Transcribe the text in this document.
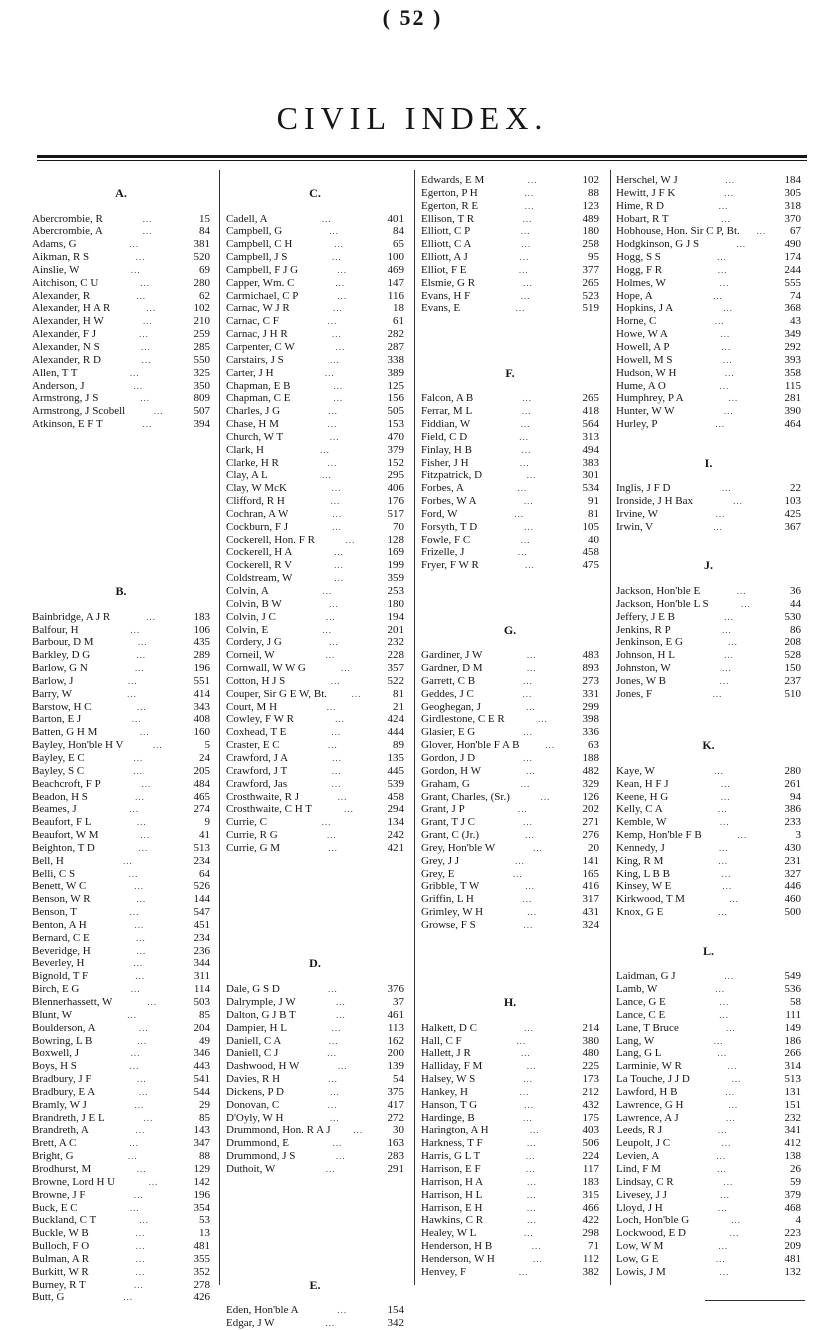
( 52 )
CIVIL INDEX.
A.
Abercrombie, R	...	15
Abercrombie, A	...	84
Adams, G	...	381
Aikman, R S	...	520
Ainslie, W	...	69
Aitchison, C U	...	280
Alexander, R	...	62
Alexander, H A R	...	102
Alexander, H W	...	210
Alexander, F J	...	259
Alexander, N S	...	285
Alexander, R D	...	550
Allen, T T	...	325
Anderson, J	...	350
Armstrong, J S	...	809
Armstrong, J Scobell	...	507
Atkinson, E F T	...	394
B.
Bainbridge, A J R	...	183
Balfour, H	...	106
Barbour, D M	...	435
Barkley, D G	...	289
Barlow, G N	...	196
Barlow, J	...	551
Barry, W	...	414
Barstow, H C	...	343
Barton, E J	...	408
Batten, G H M	...	160
Bayley, Hon'ble H V	...	5
Bayley, E C	...	24
Bayley, S C	...	205
Beachcroft, F P	...	484
Beadon, H S	...	465
Beames, J	...	274
Beaufort, F L	...	9
Beaufort, W M	...	41
Beighton, T D	...	513
Bell, H	...	234
Belli, C S	...	64
Benett, W C	...	526
Benson, W R	...	144
Benson, T	...	547
Benton, A H	...	451
Bernard, C E	...	234
Beveridge, H	...	236
Beverley, H	...	344
Bignold, T F	...	311
Birch, E G	...	114
Blennerhassett, W	...	503
Blunt, W	...	85
Boulderson, A	...	204
Bowring, L B	...	49
Boxwell, J	...	346
Boys, H S	...	443
Bradbury, J F	...	541
Bradbury, E A	...	544
Bramly, W J	...	29
Brandreth, J E L	...	85
Brandreth, A	...	143
Brett, A C	...	347
Bright, G	...	88
Brodhurst, M	...	129
Browne, Lord H U	...	142
Browne, J F	...	196
Buck, E C	...	354
Buckland, C T	...	53
Buckle, W B	...	13
Bulloch, F O	...	481
Bulman, A R	...	355
Burkitt, W R	...	352
Burney, R T	...	278
Butt, G	...	426
C.
Cadell, A	...	401
Campbell, G	...	84
Campbell, C H	...	65
Campbell, J S	...	100
Campbell, F J G	...	469
Capper, Wm. C	...	147
Carmichael, C P	...	116
Carnac, W J R	...	18
Carnac, C F	...	61
Carnac, J H R	...	282
Carpenter, C W	...	287
Carstairs, J S	...	338
Carter, J H	...	389
Chapman, E B	...	125
Chapman, C E	...	156
Charles, J G	...	505
Chase, H M	...	153
Church, W T	...	470
Clark, H	...	379
Clarke, H R	...	152
Clay, A L	...	295
Clay, W McK	...	406
Clifford, R H	...	176
Cochran, A W	...	517
Cockburn, F J	...	70
Cockerell, Hon. F R	...	128
Cockerell, H A	...	169
Cockerell, R V	...	199
Coldstream, W	...	359
Colvin, A	...	253
Colvin, B W	...	180
Colvin, J C	...	194
Colvin, E	...	201
Cordery, J G	...	232
Corneil, W	...	228
Cornwall, W W G	...	357
Cotton, H J S	...	522
Couper, Sir G E W, Bt.	...	81
Court, M H	...	21
Cowley, F W R	...	424
Coxhead, T E	...	444
Craster, E C	...	89
Crawford, J A	...	135
Crawford, J T	...	445
Crawford, Jas	...	539
Crosthwaite, R J	...	458
Crosthwaite, C H T	...	294
Currie, C	...	134
Currie, R G	...	242
Currie, G M	...	421
D.
Dale, G S D	...	376
Dalrymple, J W	...	37
Dalton, G J B T	...	461
Dampier, H L	...	113
Daniell, C A	...	162
Daniell, C J	...	200
Dashwood, H W	...	139
Davies, R H	...	54
Dickens, P D	...	375
Donovan, C	...	417
D'Oyly, W H	...	272
Drummond, Hon. R A J	...	30
Drummond, E	...	163
Drummond, J S	...	283
Duthoit, W	...	291
E.
Eden, Hon'ble A	...	154
Edgar, J W	...	342
Edwards, E M	...	102
Egerton, P H	...	88
Egerton, R E	...	123
Ellison, T R	...	489
Elliott, C P	...	180
Elliott, C A	...	258
Elliott, A J	...	95
Elliot, F E	...	377
Elsmie, G R	...	265
Evans, H F	...	523
Evans, E	...	519
F.
Falcon, A B	...	265
Ferrar, M L	...	418
Fiddian, W	...	564
Field, C D	...	313
Finlay, H B	...	494
Fisher, J H	...	383
Fitzpatrick, D	...	301
Forbes, A	...	534
Forbes, W A	...	91
Ford, W	...	81
Forsyth, T D	...	105
Fowle, F C	...	40
Frizelle, J	...	458
Fryer, F W R	...	475
G.
Gardiner, J W	...	483
Gardner, D M	...	893
Garrett, C B	...	273
Geddes, J C	...	331
Geoghegan, J	...	299
Girdlestone, C E R	...	398
Glasier, E G	...	336
Glover, Hon'ble F A B	...	63
Gordon, J D	...	188
Gordon, H W	...	482
Graham, G	...	329
Grant, Charles, (Sr.)	...	126
Grant, J P	...	202
Grant, T J C	...	271
Grant, C (Jr.)	...	276
Grey, Hon'ble W	...	20
Grey, J J	...	141
Grey, E	...	165
Gribble, T W	...	416
Griffin, L H	...	317
Grimley, W H	...	431
Growse, F S	...	324
H.
Halkett, D C	...	214
Hall, C F	...	380
Hallett, J R	...	480
Halliday, F M	...	225
Halsey, W S	...	173
Hankey, H	...	212
Hanson, T G	...	432
Hardinge, B	...	175
Harington, A H	...	403
Harkness, T F	...	506
Harris, G L T	...	224
Harrison, E F	...	117
Harrison, H A	...	183
Harrison, H L	...	315
Harrison, E H	...	466
Hawkins, C R	...	422
Healey, W L	...	298
Henderson, H B	...	71
Henderson, W H	...	112
Henvey, F	...	382
Herschel, W J	...	184
Hewitt, J F K	...	305
Hime, R D	...	318
Hobart, R T	...	370
Hobhouse, Hon. Sir C P, Bt.	...	67
Hodgkinson, G J S	...	490
Hogg, S S	...	174
Hogg, F R	...	244
Holmes, W	...	555
Hope, A	...	74
Hopkins, J A	...	368
Horne, C	...	43
Howe, W A	...	349
Howell, A P	...	292
Howell, M S	...	393
Hudson, W H	...	358
Hume, A O	...	115
Humphrey, P A	...	281
Hunter, W W	...	390
Hurley, P	...	464
I.
Inglis, J F D	...	22
Ironside, J H Bax	...	103
Irvine, W	...	425
Irwin, V	...	367
J.
Jackson, Hon'ble E	...	36
Jackson, Hon'ble L S	...	44
Jeffery, J E B	...	530
Jenkins, R P	...	86
Jenkinson, E G	...	208
Johnson, H L	...	528
Johnston, W	...	150
Jones, W B	...	237
Jones, F	...	510
K.
Kaye, W	...	280
Kean, H F J	...	261
Keene, H G	...	94
Kelly, C A	...	386
Kemble, W	...	233
Kemp, Hon'ble F B	...	3
Kennedy, J	...	430
King, R M	...	231
King, L B B	...	327
Kinsey, W E	...	446
Kirkwood, T M	...	460
Knox, G E	...	500
L.
Laidman, G J	...	549
Lamb, W	...	536
Lance, G E	...	58
Lance, C E	...	111
Lane, T Bruce	...	149
Lang, W	...	186
Lang, G L	...	266
Larminie, W R	...	314
La Touche, J J D	...	513
Lawford, H B	...	131
Lawrence, G H	...	151
Lawrence, A J	...	232
Leeds, R J	...	341
Leupolt, J C	...	412
Levien, A	...	138
Lind, F M	...	26
Lindsay, C R	...	59
Livesey, J J	...	379
Lloyd, J H	...	468
Loch, Hon'ble G	...	4
Lockwood, E D	...	223
Low, W M	...	209
Low, G E	...	481
Lowis, J M	...	132
